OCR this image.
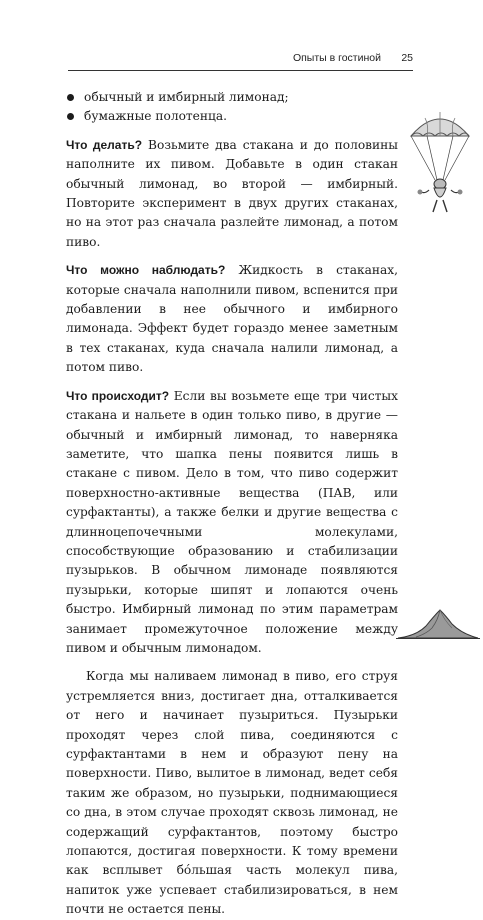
Опыты в гостиной 25
обычный и имбирный лимонад;
бумажные полотенца.

Что делать? Возьмите два стакана и до половины наполните их пивом. Добавьте в один стакан обычный лимонад, во второй — имбирный. Повторите эксперимент в двух других стаканах, но на этот раз сначала разлейте лимонад, а потом пиво.

Что можно наблюдать? Жидкость в стаканах, которые сначала наполнили пивом, вспенится при добавлении в нее обычного и имбирного лимонада. Эффект будет гораздо менее заметным в тех стаканах, куда сначала налили лимонад, а потом пиво.

Что происходит? Если вы возьмете еще три чистых стакана и нальете в один только пиво, в другие — обычный и имбирный лимонад, то наверняка заметите, что шапка пены появится лишь в стакане с пивом. Дело в том, что пиво содержит поверхностно-активные вещества (ПАВ, или сурфактанты), а также белки и другие вещества с длинноцепочечными молекулами, способствующие образованию и стабилизации пузырьков. В обычном лимонаде появляются пузырьки, которые шипят и лопаются очень быстро. Имбирный лимонад по этим параметрам занимает промежуточное положение между пивом и обычным лимонадом.

Когда мы наливаем лимонад в пиво, его струя устремляется вниз, достигает дна, отталкивается от него и начинает пузыриться. Пузырьки проходят через слой пива, соединяются с сурфактантами в нем и образуют пену на поверхности. Пиво, вылитое в лимонад, ведет себя таким же образом, но пузырьки, поднимающиеся со дна, в этом случае проходят сквозь лимонад, не содержащий сурфактантов, поэтому быстро лопаются, достигая поверхности. К тому времени как всплывет бóльшая часть молекул пива, напиток уже успевает стабилизироваться, в нем почти не остается пены.
